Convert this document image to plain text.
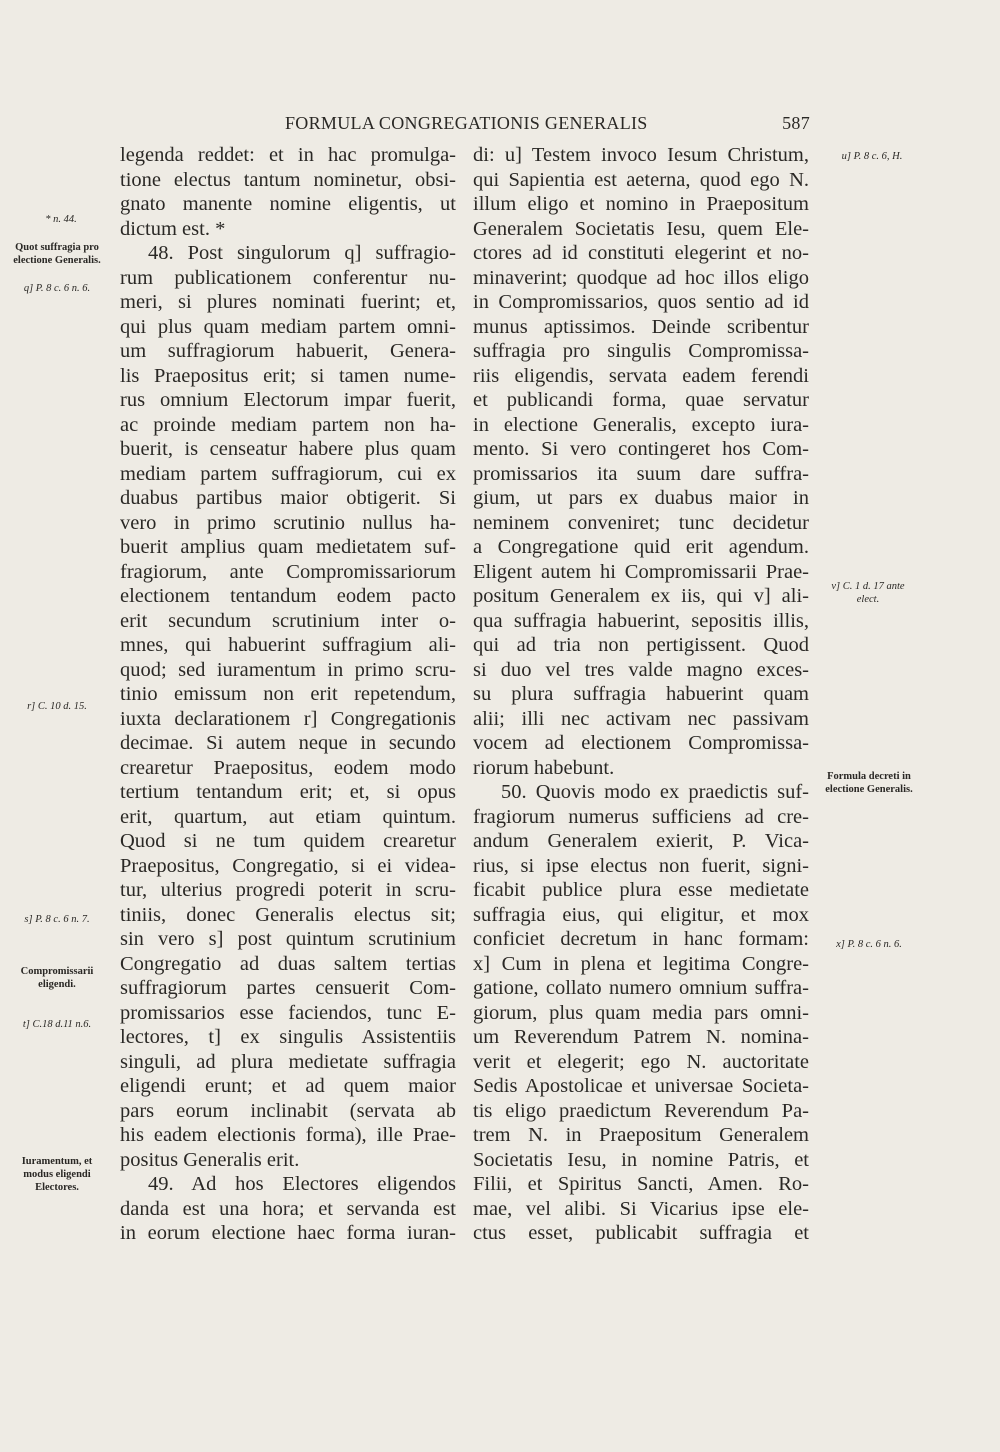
FORMULA CONGREGATIONIS GENERALIS	587
legenda reddet: et in hac promulga-
tione electus tantum nominetur, obsi-
gnato manente nomine eligentis, ut
dictum est. *
48. Post singulorum q] suffragio-
rum publicationem conferentur nu-
meri, si plures nominati fuerint; et,
qui plus quam mediam partem omni-
um suffragiorum habuerit, Genera-
lis Praepositus erit; si tamen nume-
rus omnium Electorum impar fuerit,
ac proinde mediam partem non ha-
buerit, is censeatur habere plus quam
mediam partem suffragiorum, cui ex
duabus partibus maior obtigerit. Si
vero in primo scrutinio nullus ha-
buerit amplius quam medietatem suf-
fragiorum, ante Compromissariorum
electionem tentandum eodem pacto
erit secundum scrutinium inter o-
mnes, qui habuerint suffragium ali-
quod; sed iuramentum in primo scru-
tinio emissum non erit repetendum,
iuxta declarationem r] Congregationis
decimae. Si autem neque in secundo
crearetur Praepositus, eodem modo
tertium tentandum erit; et, si opus
erit, quartum, aut etiam quintum.
Quod si ne tum quidem crearetur
Praepositus, Congregatio, si ei videa-
tur, ulterius progredi poterit in scru-
tiniis, donec Generalis electus sit;
sin vero s] post quintum scrutinium
Congregatio ad duas saltem tertias
suffragiorum partes censuerit Com-
promissarios esse faciendos, tunc E-
lectores, t] ex singulis Assistentiis
singuli, ad plura medietate suffragia
eligendi erunt; et ad quem maior
pars eorum inclinabit (servata ab
his eadem electionis forma), ille Prae-
positus Generalis erit.
49. Ad hos Electores eligendos
danda est una hora; et servanda est
in eorum electione haec forma iuran-
di: u] Testem invoco Iesum Christum,
qui Sapientia est aeterna, quod ego N.
illum eligo et nomino in Praepositum
Generalem Societatis Iesu, quem Ele-
ctores ad id constituti elegerint et no-
minaverint; quodque ad hoc illos eligo
in Compromissarios, quos sentio ad id
munus aptissimos. Deinde scribentur
suffragia pro singulis Compromissa-
riis eligendis, servata eadem ferendi
et publicandi forma, quae servatur
in electione Generalis, excepto iura-
mento. Si vero contingeret hos Com-
promissarios ita suum dare suffra-
gium, ut pars ex duabus maior in
neminem conveniret; tunc decidetur
a Congregatione quid erit agendum.
Eligent autem hi Compromissarii Prae-
positum Generalem ex iis, qui v] ali-
qua suffragia habuerint, sepositis illis,
qui ad tria non pertigissent. Quod
si duo vel tres valde magno exces-
su plura suffragia habuerint quam
alii; illi nec activam nec passivam
vocem ad electionem Compromissa-
riorum habebunt.
50. Quovis modo ex praedictis suf-
fragiorum numerus sufficiens ad cre-
andum Generalem exierit, P. Vica-
rius, si ipse electus non fuerit, signi-
ficabit publice plura esse medietate
suffragia eius, qui eligitur, et mox
conficiet decretum in hanc formam:
x] Cum in plena et legitima Congre-
gatione, collato numero omnium suffra-
giorum, plus quam media pars omni-
um Reverendum Patrem N. nomina-
verit et elegerit; ego N. auctoritate
Sedis Apostolicae et universae Societa-
tis eligo praedictum Reverendum Pa-
trem N. in Praepositum Generalem
Societatis Iesu, in nomine Patris, et
Filii, et Spiritus Sancti, Amen. Ro-
mae, vel alibi. Si Vicarius ipse ele-
ctus esset, publicabit suffragia et
* n. 44.
Quot suffragia pro electione Generalis.
q] P. 8 c. 6 n. 6.
r] C. 10 d. 15.
s] P. 8 c. 6 n. 7.
Compromissarii eligendi.
t] C.18 d.11 n.6.
Iuramentum, et modus eligendi Electores.
u] P. 8 c. 6, H.
v] C. 1 d. 17 ante elect.
Formula decreti in electione Generalis.
x] P. 8 c. 6 n. 6.
